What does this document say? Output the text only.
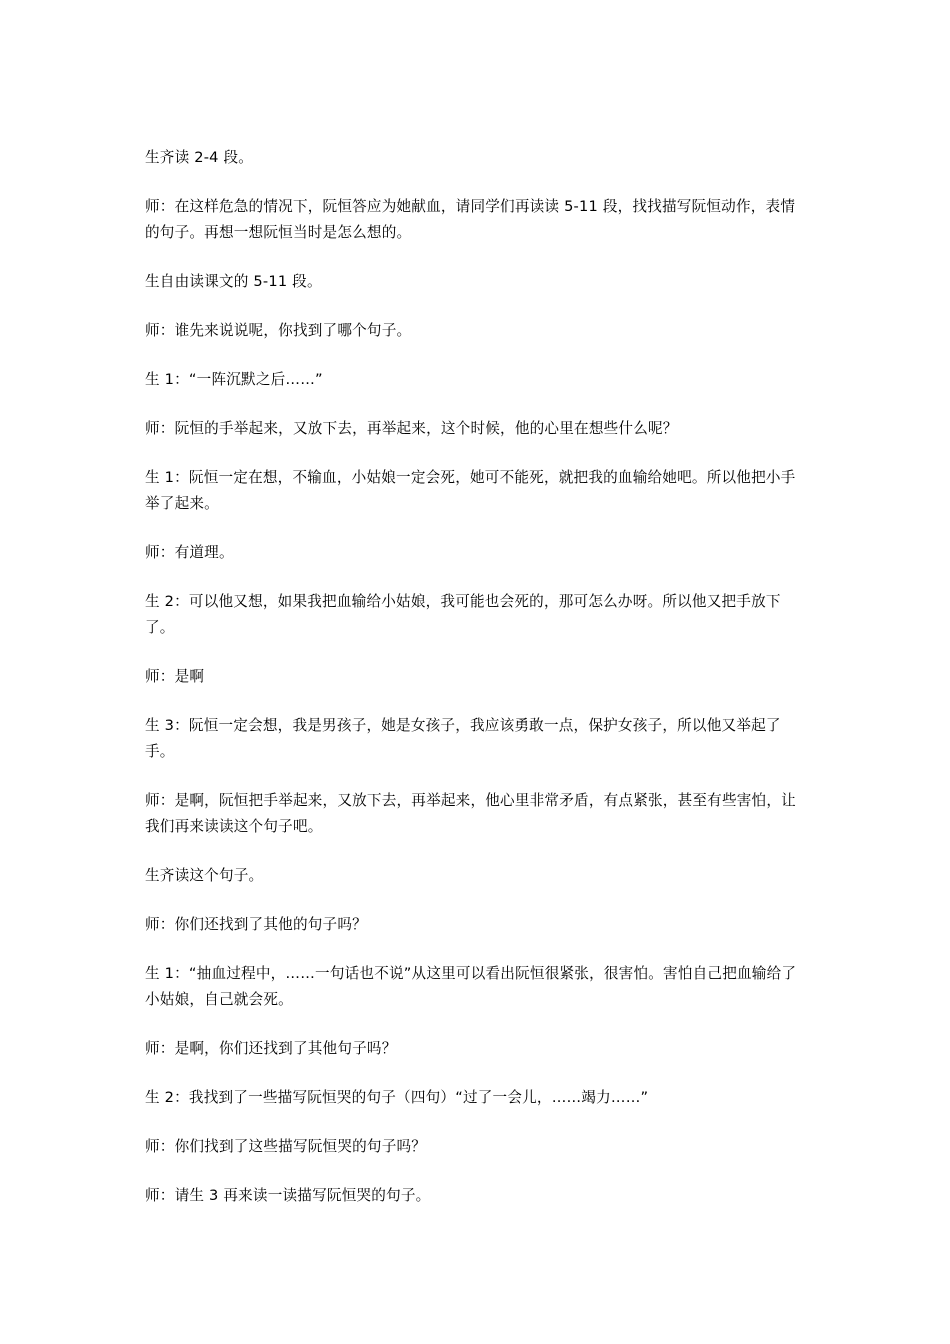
生齐读 2-4 段。

师：在这样危急的情况下，阮恒答应为她献血，请同学们再读读 5-11 段，找找描写阮恒动作，表情的句子。再想一想阮恒当时是怎么想的。

生自由读课文的 5-11 段。

师：谁先来说说呢，你找到了哪个句子。

生 1：“一阵沉默之后……”

师：阮恒的手举起来，又放下去，再举起来，这个时候，他的心里在想些什么呢？

生 1：阮恒一定在想，不输血，小姑娘一定会死，她可不能死，就把我的血输给她吧。所以他把小手举了起来。

师：有道理。

生 2：可以他又想，如果我把血输给小姑娘，我可能也会死的，那可怎么办呀。所以他又把手放下了。

师：是啊

生 3：阮恒一定会想，我是男孩子，她是女孩子，我应该勇敢一点，保护女孩子，所以他又举起了手。

师：是啊，阮恒把手举起来，又放下去，再举起来，他心里非常矛盾，有点紧张，甚至有些害怕，让我们再来读读这个句子吧。

生齐读这个句子。

师：你们还找到了其他的句子吗？

生 1：“抽血过程中，……一句话也不说”从这里可以看出阮恒很紧张，很害怕。害怕自己把血输给了小姑娘，自己就会死。

师：是啊，你们还找到了其他句子吗？

生 2：我找到了一些描写阮恒哭的句子（四句）“过了一会儿，……竭力……”

师：你们找到了这些描写阮恒哭的句子吗？

师：请生 3 再来读一读描写阮恒哭的句子。
